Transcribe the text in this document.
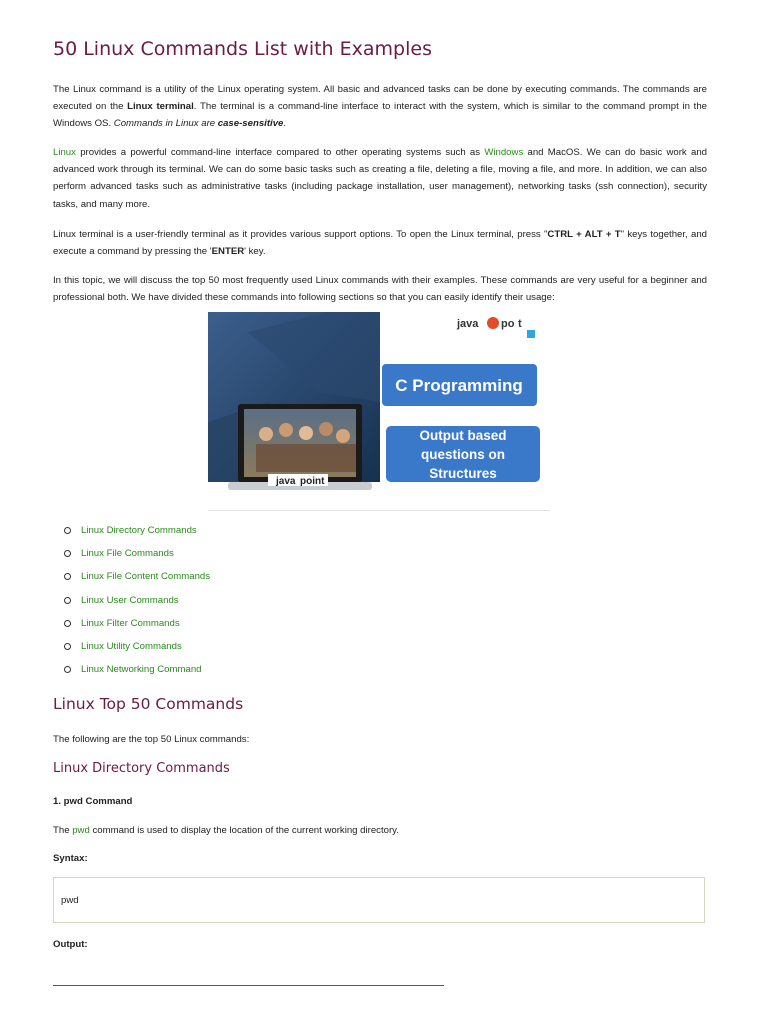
50 Linux Commands List with Examples

The Linux command is a utility of the Linux operating system. All basic and advanced tasks can be done by executing commands. The commands are executed on the Linux terminal. The terminal is a command-line interface to interact with the system, which is similar to the command prompt in the Windows OS. Commands in Linux are case-sensitive.

Linux provides a powerful command-line interface compared to other operating systems such as Windows and MacOS. We can do basic work and advanced work through its terminal. We can do some basic tasks such as creating a file, deleting a file, moving a file, and more. In addition, we can also perform advanced tasks such as administrative tasks (including package installation, user management), networking tasks (ssh connection), security tasks, and many more.

Linux terminal is a user-friendly terminal as it provides various support options. To open the Linux terminal, press "CTRL + ALT + T" keys together, and execute a command by pressing the 'ENTER' key.

In this topic, we will discuss the top 50 most frequently used Linux commands with their examples. These commands are very useful for a beginner and professional both. We have divided these commands into following sections so that you can easily identify their usage:

java point
java po t
C Programming
Output based
questions on
Structures
Linux Directory Commands
Linux File Commands
Linux File Content Commands
Linux User Commands
Linux Filter Commands
Linux Utility Commands
Linux Networking Command
Linux Top 50 Commands

The following are the top 50 Linux commands:

Linux Directory Commands

1. pwd Command

The pwd command is used to display the location of the current working directory.

Syntax:

pwd

Output:
